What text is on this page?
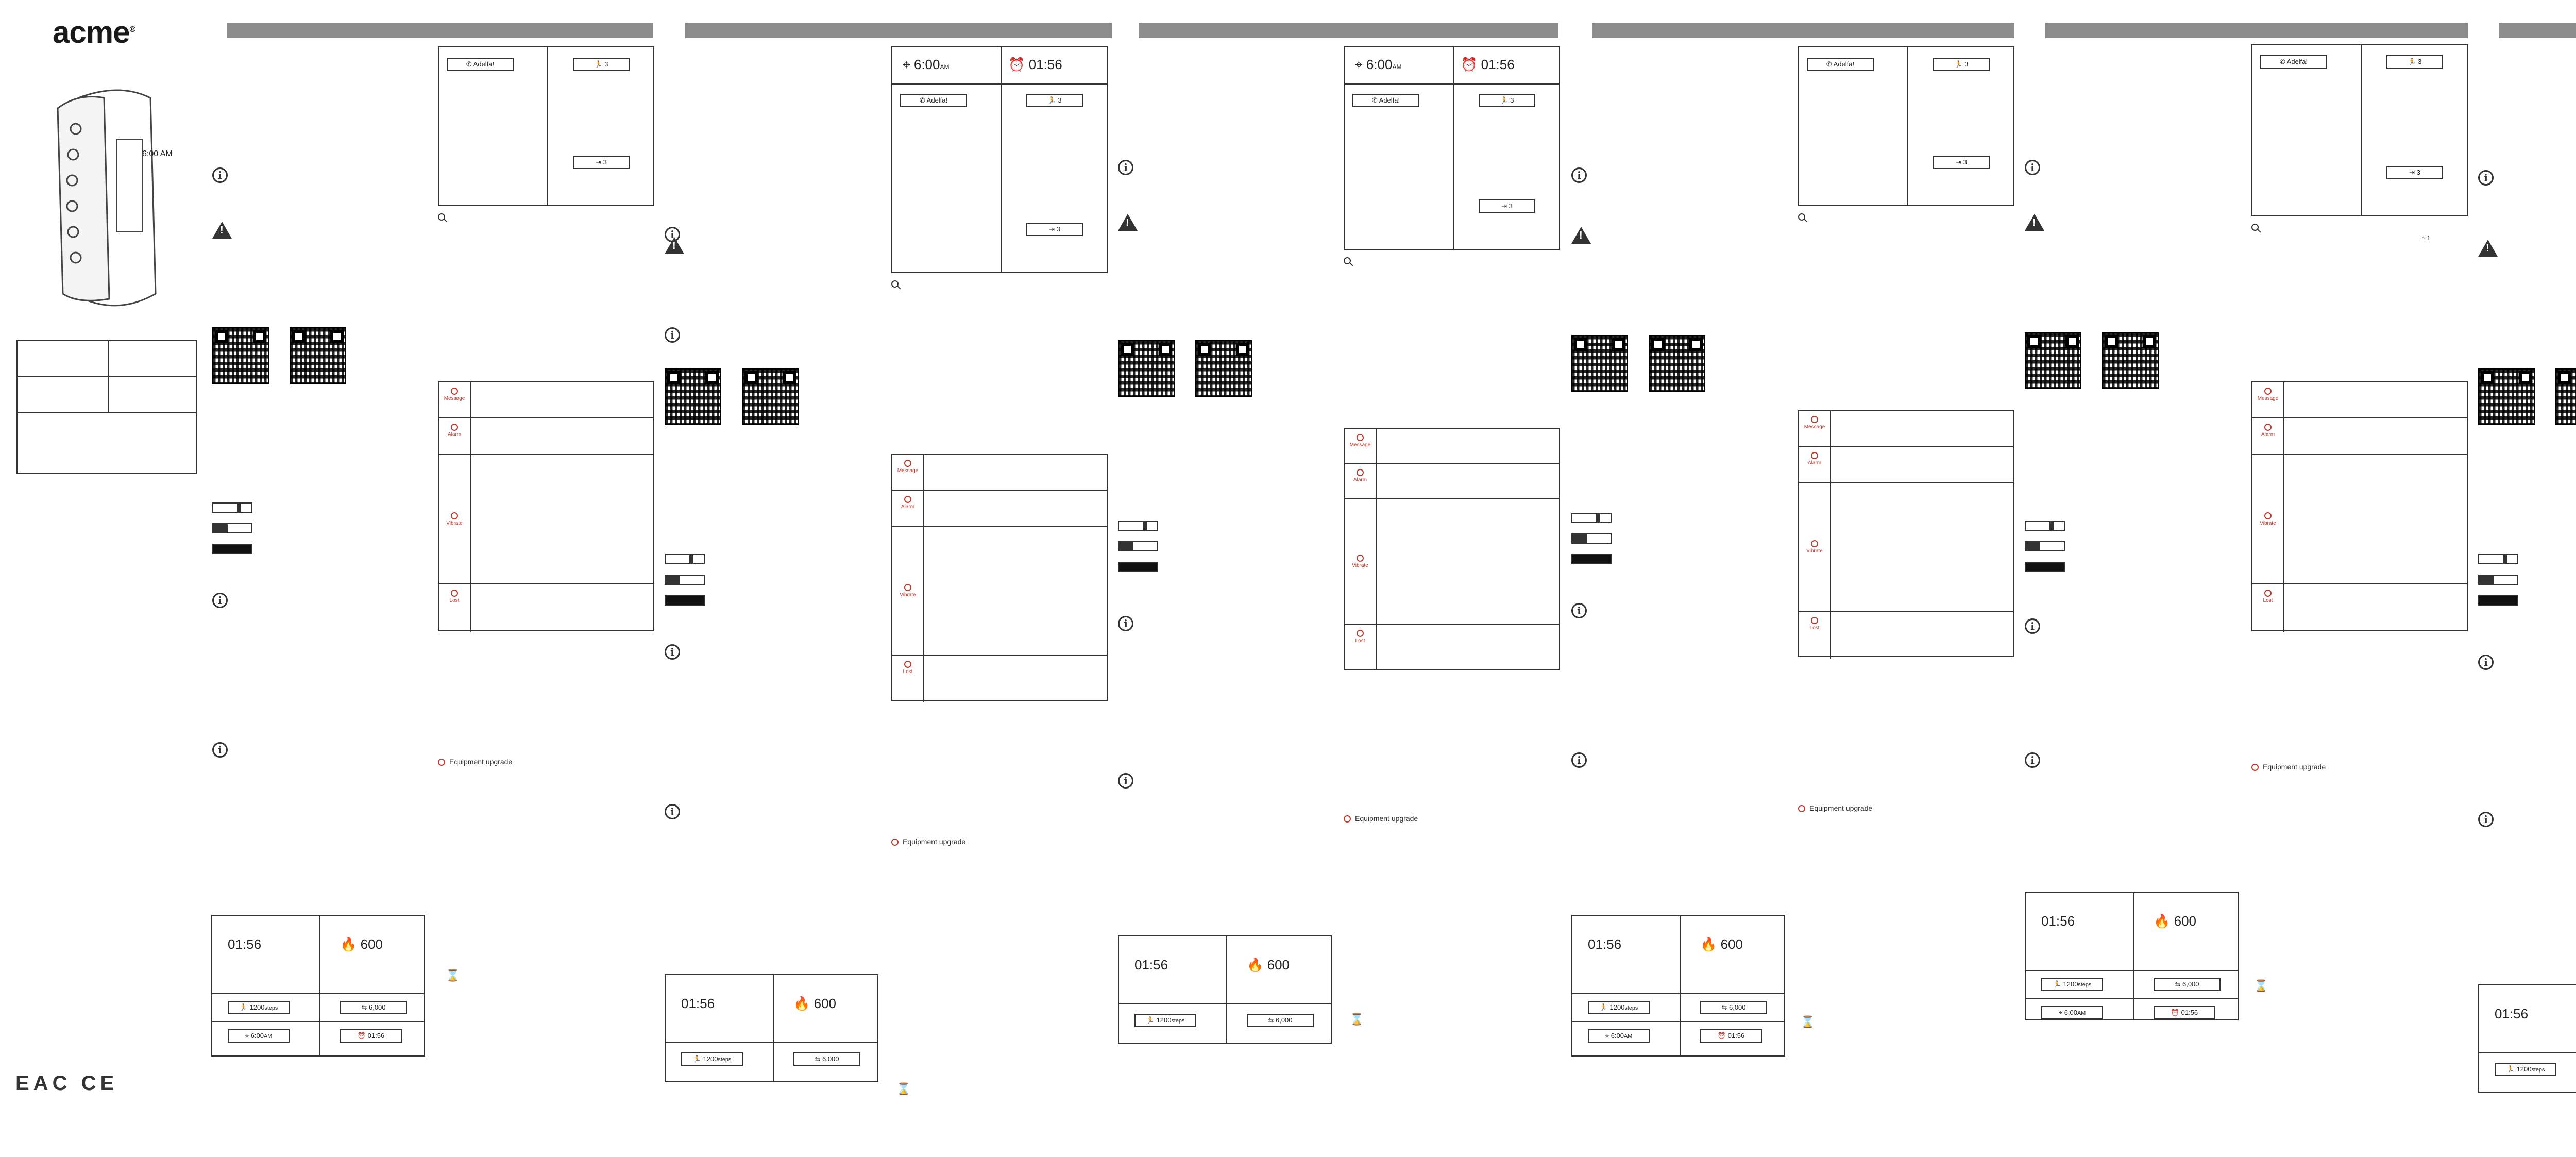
acme®
6:00 AM
EAC CE
i
i
i
!
✆ Adelfa!	🏃 3
⇥ 3
Message
Alarm
Vibrate
Lost
Equipment upgrade
01:56	🔥 600
🏃 1200steps	⇆ 6,000
⌖ 6:00AM	⏰ 01:56
⌛
i
i
i
i
!
⌖ 6:00AM	⏰ 01:56
✆ Adelfa!	🏃 3
⇥ 3
Message
Alarm
Vibrate
Lost
Equipment upgrade
01:56	🔥 600
🏃 1200steps	⇆ 6,000
⌛
i
i
i
!
⌖ 6:00AM	⏰ 01:56
✆ Adelfa!	🏃 3
⇥ 3
Message
Alarm
Vibrate
Lost
Equipment upgrade
01:56	🔥 600
🏃 1200steps	⇆ 6,000	⌛
i
i
i
!
✆ Adelfa!	🏃 3
⇥ 3
Message
Alarm
Vibrate
Lost
Equipment upgrade
01:56	🔥 600
🏃 1200steps	⇆ 6,000
⌖ 6:00AM	⏰ 01:56
⌛
i
i
i
!
✆ Adelfa!	🏃 3
⇥ 3
Message
Alarm
Vibrate
Lost
Equipment upgrade
01:56	🔥 600
🏃 1200steps	⇆ 6,000
⌖ 6:00AM	⏰ 01:56
⌛
i
i
i
!
01:56
🏃 1200steps
⌂ 1
